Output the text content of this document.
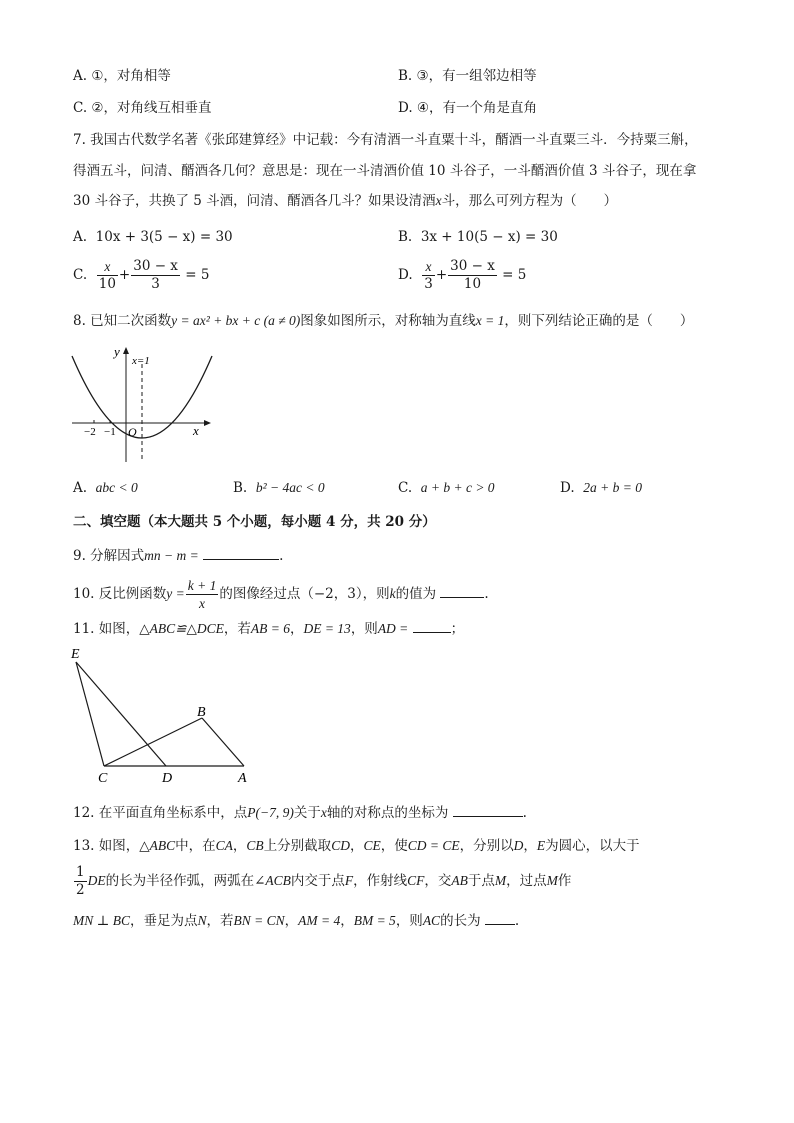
A. ①，对角相等	B. ③，有一组邻边相等
C. ②，对角线互相垂直	D. ④，有一个角是直角
7. 我国古代数学名著《张邱建算经》中记载：今有清酒一斗直粟十斗，醑酒一斗直粟三斗．今持粟三斛，
得酒五斗，问清、醑酒各几何？意思是：现在一斗清酒价值 10 斗谷子，一斗醑酒价值 3 斗谷子，现在拿
30 斗谷子，共换了 5 斗酒，问清、醑酒各几斗？如果设清酒x斗，那么可列方程为（　　）
A. 10x + 3(5 − x) = 30	B. 3x + 10(5 − x) = 30
C. $\frac{x}{10} + \frac{30 - x}{3} = 5$	D. $\frac{x}{3} + \frac{30 - x}{10} = 5$
8. 已知二次函数y = ax² + bx + c (a ≠ 0)图象如图所示，对称轴为直线x = 1，则下列结论正确的是（　　）
y
x
O
x=1
−2 −1
A. abc < 0	B. b² − 4ac < 0	C. a + b + c > 0	D. 2a + b = 0
二、填空题（本大题共 5 个小题，每小题 4 分，共 20 分）
9. 分解因式mn − m =	.
10. 反比例函数$y = \frac{k + 1}{x}$ 的图像经过点（−2，3），则k的值为	.
11. 如图，△ABC≌△DCE，若AB = 6，DE = 13，则AD =	；
E
B
C	D	A
12. 在平面直角坐标系中，点P(−7, 9)关于x轴的对称点的坐标为	.
13. 如图，△ABC中，在CA，CB上分别截取CD，CE，使CD = CE，分别以D，E为圆心，以大于
$\frac{1}{2}$ DE的长为半径作弧，两弧在∠ACB内交于点F，作射线CF，交AB于点M，过点M作
MN ⊥ BC，垂足为点N，若BN = CN，AM = 4，BM = 5，则AC的长为	.
